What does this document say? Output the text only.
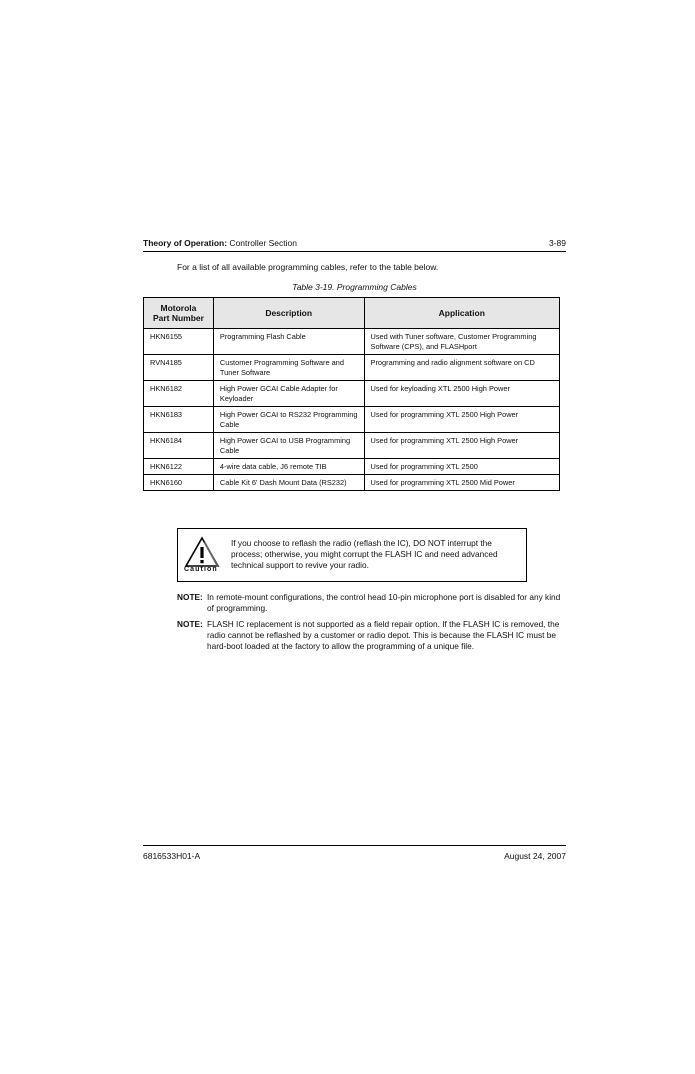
Theory of Operation: Controller Section	3-89
For a list of all available programming cables, refer to the table below.
Table 3-19. Programming Cables
Motorola
Part Number	Description	Application
HKN6155	Programming Flash Cable	Used with Tuner software, Customer Programming Software (CPS), and FLASHport
RVN4185	Customer Programming Software and Tuner Software	Programming and radio alignment software on CD
HKN6182	High Power GCAI Cable Adapter for Keyloader	Used for keyloading XTL 2500 High Power
HKN6183	High Power GCAI to RS232 Programming Cable	Used for programming XTL 2500 High Power
HKN6184	High Power GCAI to USB Programming Cable	Used for programming XTL 2500 High Power
HKN6122	4-wire data cable, J6 remote TIB	Used for programming XTL 2500
HKN6160	Cable Kit 6' Dash Mount Data (RS232)	Used for programming XTL 2500 Mid Power
Caution
If you choose to reflash the radio (reflash the IC), DO NOT interrupt the process; otherwise, you might corrupt the FLASH IC and need advanced technical support to revive your radio.
NOTE: In remote-mount configurations, the control head 10-pin microphone port is disabled for any kind of programming.
NOTE: FLASH IC replacement is not supported as a field repair option. If the FLASH IC is removed, the radio cannot be reflashed by a customer or radio depot. This is because the FLASH IC must be hard-boot loaded at the factory to allow the programming of a unique file.
6816533H01-A	August 24, 2007
